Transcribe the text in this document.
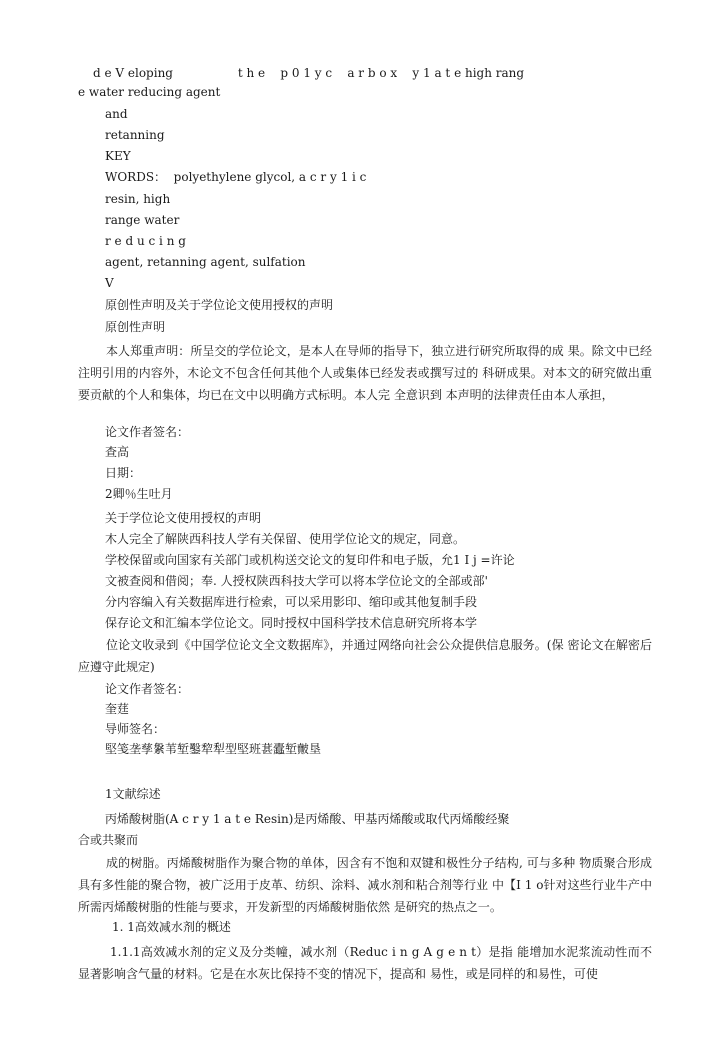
d e V eloping                 t h e    p 0 1 y c    a r b o x    y 1 a t e high rang
e water reducing agent
and
retanning
KEY
WORDS：  polyethylene glycol, a c r y 1 i c
resin, high
range water
r e d u c i n g
agent, retanning agent, sulfation
V
原创性声明及关于学位论文使用授权的声明
原创性声明
本人郑重声明：所呈交的学位论文，是本人在导师的指导下，独立进行研究所取得的成 果。除文中已经注明引用的内容外，木论文不包含任何其他个人或集体已经发表或撰写过的 科研成果。对本文的研究做出重要贡献的个人和集体，均已在文中以明确方式标明。本人完 全意识到 本声明的法律责任由本人承担，
论文作者签名：
查高
日期：
2卿％生吐月
关于学位论文使用授权的声明
木人完全了解陕西科技人学有关保留、使用学位论文的规定，同意。
学校保留或向国家有关部门或机构送交论文的复印件和电子版，允1 I j =许论
文被查阅和借阅；奉. 人授权陕西科技大学可以将本学位论文的全部或部'
分内容编入有关数据库进行检索，可以采用影印、缩印或其他复制手段
保存论文和汇编本学位论文。同时授权中国科学技术信息研究所将本学
位论文收录到《中国学位论文全文数据库》，并通过网络向社会公众提供信息服务。(保 密论文在解密后应遵守此规定)
论文作者签名：
奎莛
导师签名：
堅笺垄孳縏苇堑鑿犂犁型堅班葚蠹堑皾垦
1文献综述
丙烯酸树脂(A c r y 1 a t e Resin)是丙烯酸、甲基丙烯酸或取代丙烯酸经聚
合或共聚而
成的树脂。丙烯酸树脂作为聚合物的单体，因含有不饱和双键和极性分子结构, 可与多种 物质聚合形成具有多性能的聚合物，被广泛用于皮革、纺织、涂料、减水剂和粘合剂等行业 中【I 1 o针对这些行业牛产中所需丙烯酸树脂的性能与要求，开发新型的丙烯酸树脂依然 是研究的热点之一。
1. 1高效减水剂的概述
1.1.1高效减水剂的定义及分类幢，减水剂（Reduc i n g A g e n t）是指 能增加水泥浆流动性而不显著影响含气量的材料。它是在水灰比保持不变的情况下，提高和 易性，或是同样的和易性，可使
